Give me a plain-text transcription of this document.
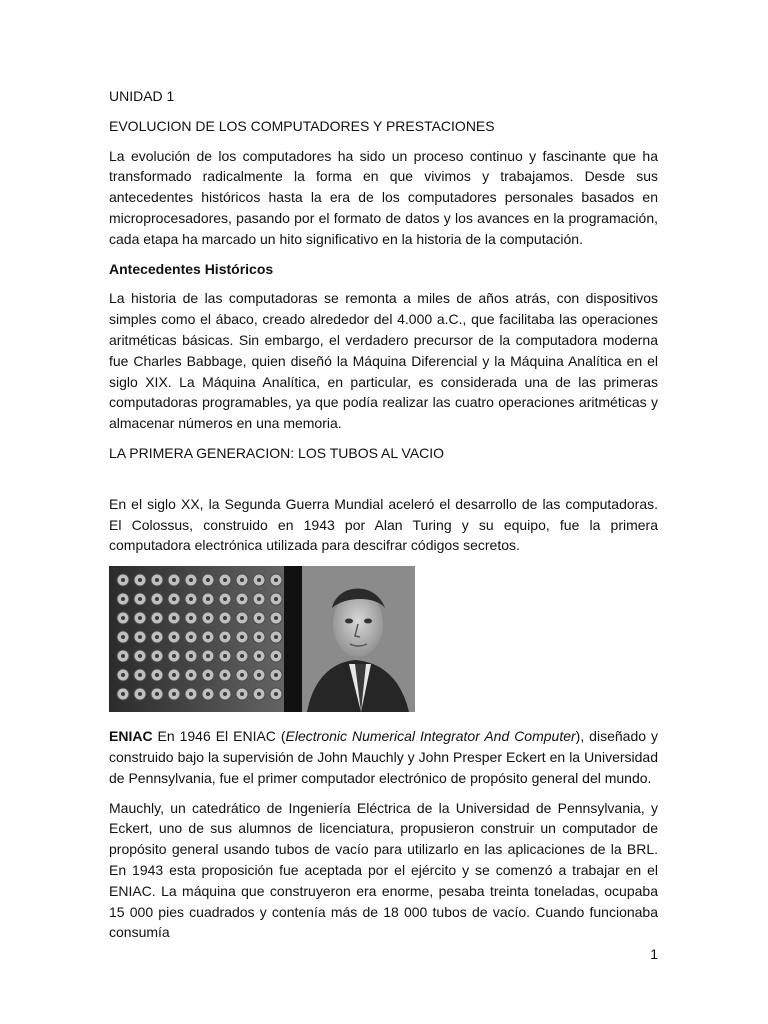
UNIDAD 1

EVOLUCION DE LOS COMPUTADORES Y PRESTACIONES

La evolución de los computadores ha sido un proceso continuo y fascinante que ha transformado radicalmente la forma en que vivimos y trabajamos. Desde sus antecedentes históricos hasta la era de los computadores personales basados en microprocesadores, pasando por el formato de datos y los avances en la programación, cada etapa ha marcado un hito significativo en la historia de la computación.

Antecedentes Históricos

La historia de las computadoras se remonta a miles de años atrás, con dispositivos simples como el ábaco, creado alrededor del 4.000 a.C., que facilitaba las operaciones aritméticas básicas. Sin embargo, el verdadero precursor de la computadora moderna fue Charles Babbage, quien diseñó la Máquina Diferencial y la Máquina Analítica en el siglo XIX. La Máquina Analítica, en particular, es considerada una de las primeras computadoras programables, ya que podía realizar las cuatro operaciones aritméticas y almacenar números en una memoria.

LA PRIMERA GENERACION: LOS TUBOS AL VACIO

En el siglo XX, la Segunda Guerra Mundial aceleró el desarrollo de las computadoras. El Colossus, construido en 1943 por Alan Turing y su equipo, fue la primera computadora electrónica utilizada para descifrar códigos secretos.

ENIAC En 1946 El ENIAC (Electronic Numerical Integrator And Computer), diseñado y construido bajo la supervisión de John Mauchly y John Presper Eckert en la Universidad de Pennsylvania, fue el primer computador electrónico de propósito general del mundo.

Mauchly, un catedrático de Ingeniería Eléctrica de la Universidad de Pennsylvania, y Eckert, uno de sus alumnos de licenciatura, propusieron construir un computador de propósito general usando tubos de vacío para utilizarlo en las aplicaciones de la BRL. En 1943 esta proposición fue aceptada por el ejército y se comenzó a trabajar en el ENIAC. La máquina que construyeron era enorme, pesaba treinta toneladas, ocupaba 15 000 pies cuadrados y contenía más de 18 000 tubos de vacío. Cuando funcionaba consumía

1
